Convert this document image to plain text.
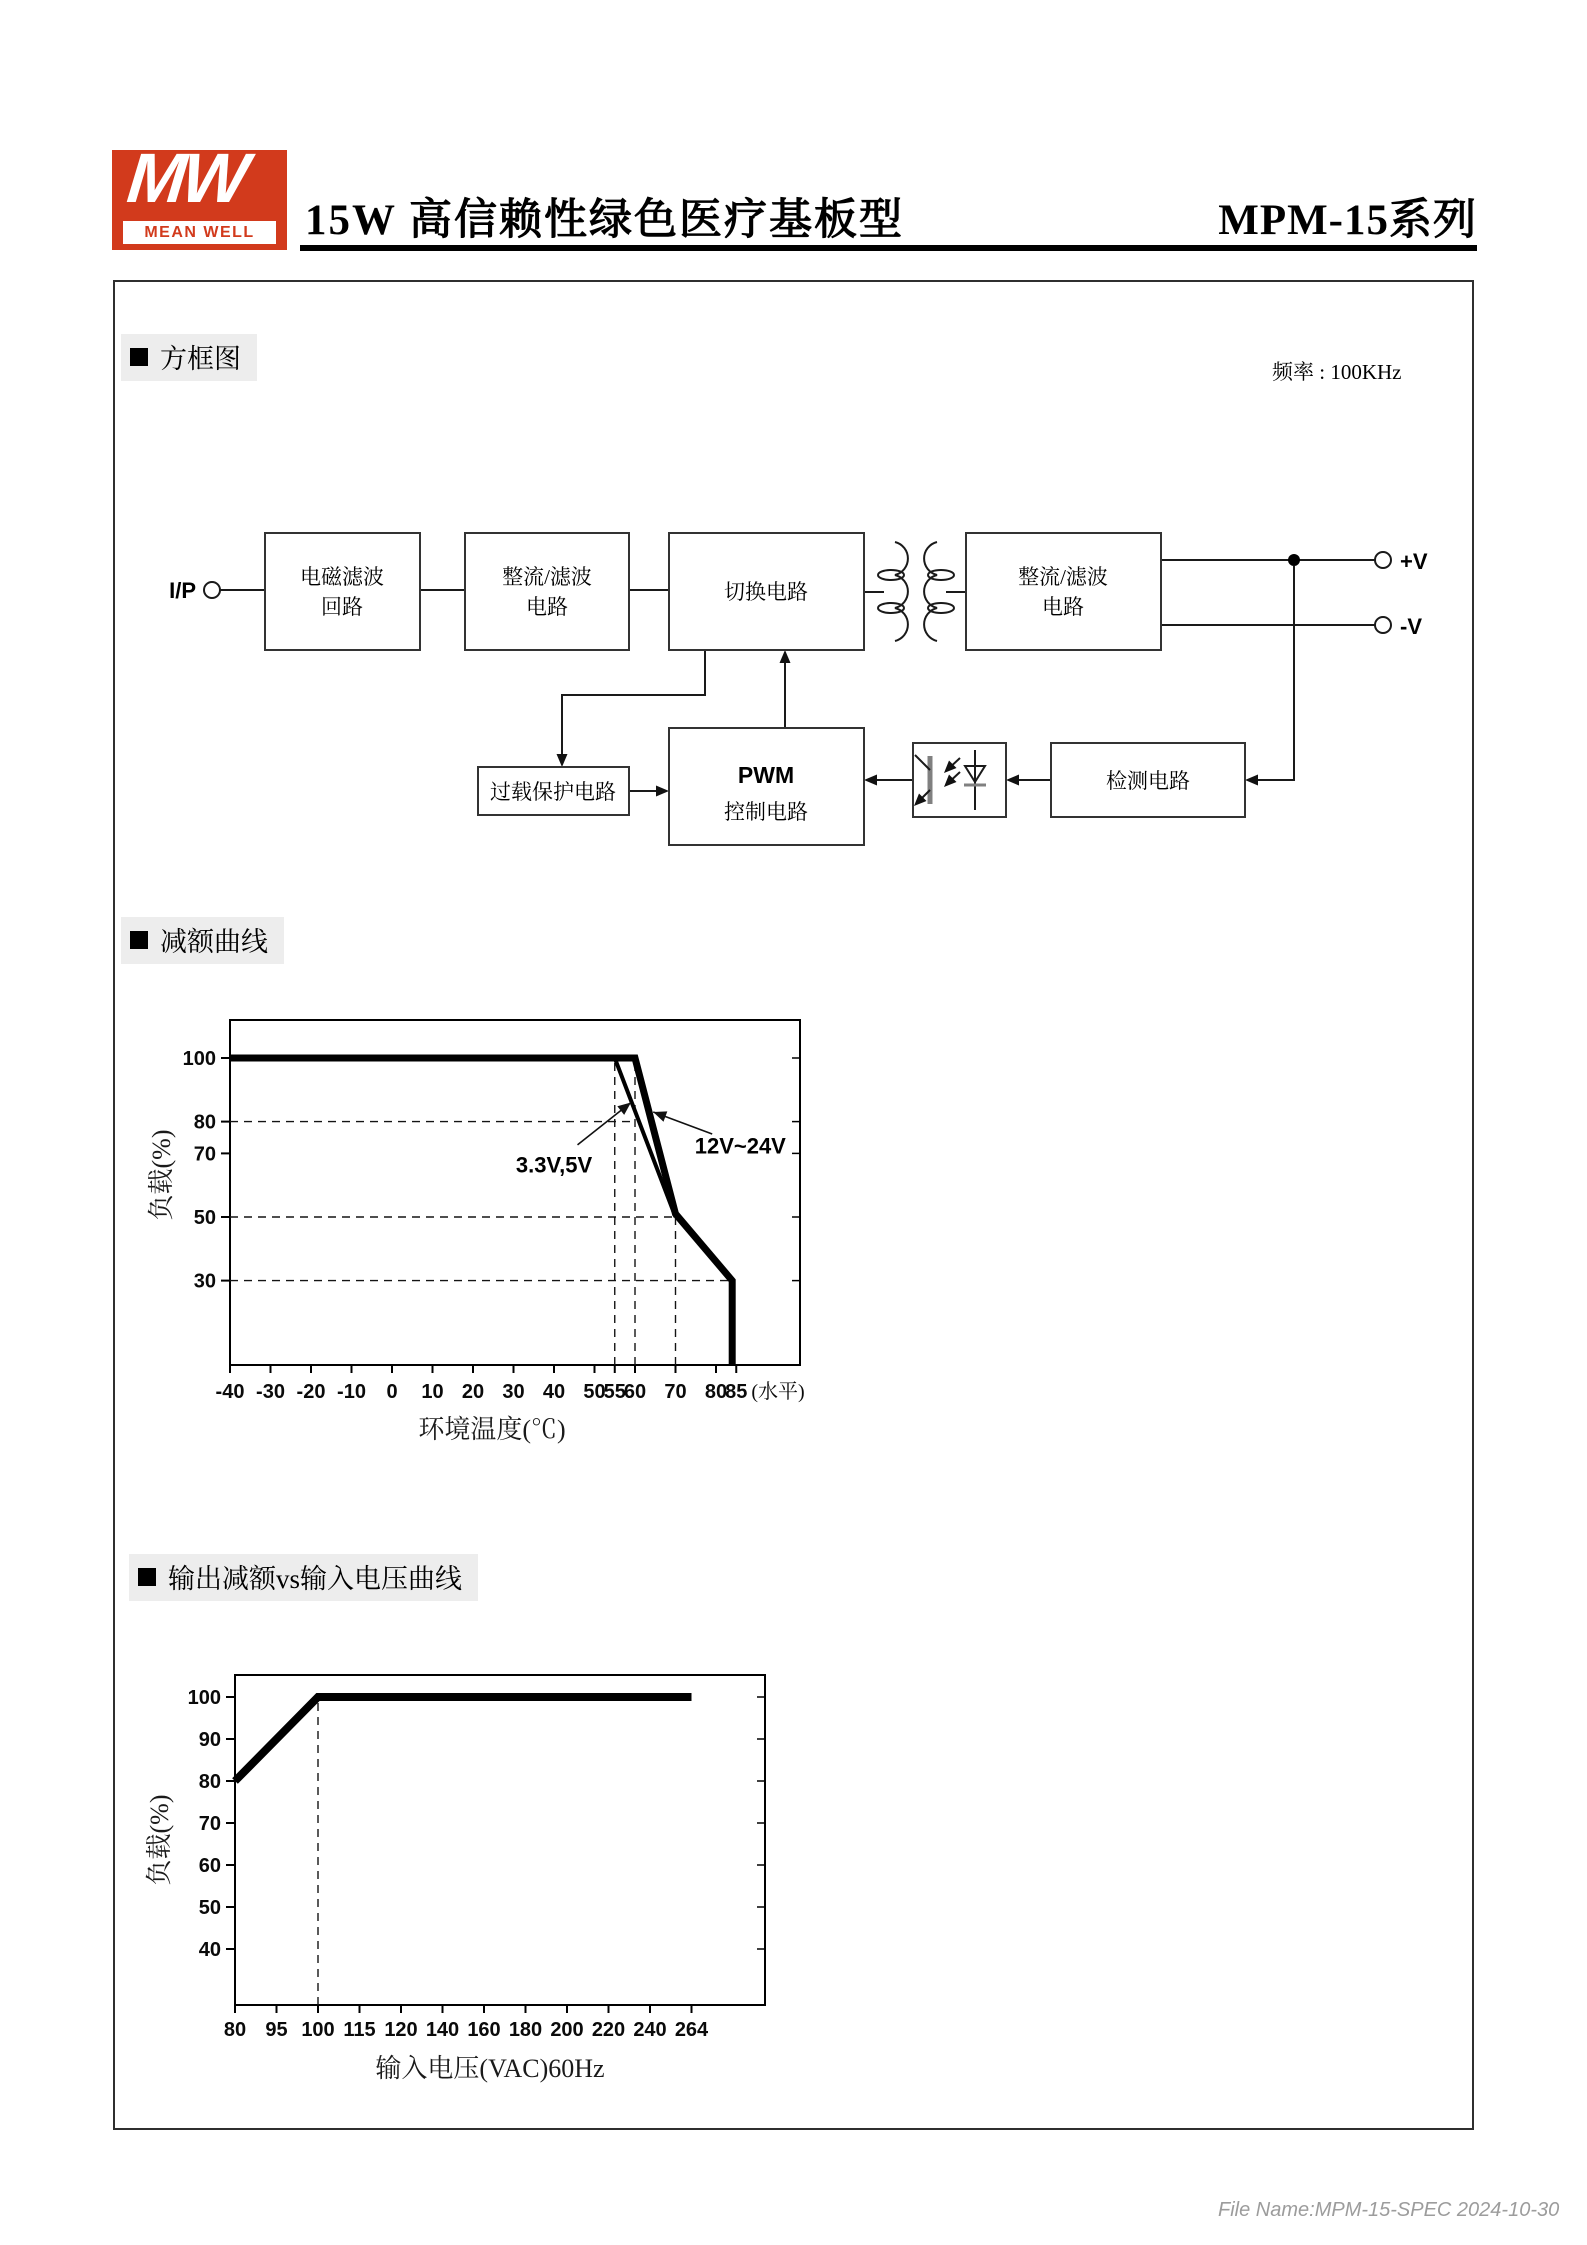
MW
MEAN WELL	15W 高信赖性绿色医疗基板型	MPM-15系列
方框图	频率 : 100KHz
减额曲线
输出减额vs输入电压曲线
I/P
+V
-V
电磁滤波
回路
整流/滤波
电路
切换电路
整流/滤波
电路
PWM
控制电路
过载保护电路	检测电路
-40 -30 -20 -10 0 10 20 30 40 50
55
60 70 80
85 (水平)
100
80
70
50
30
3.3V,5V
12V~24V
环境温度(℃)
负载(%)
80 95 100 115 120 140 160 180 200 220 240 264
100
90
80
70
60
50
40
输入电压(VAC)60Hz
负载(%)
File Name:MPM-15-SPEC 2024-10-30
